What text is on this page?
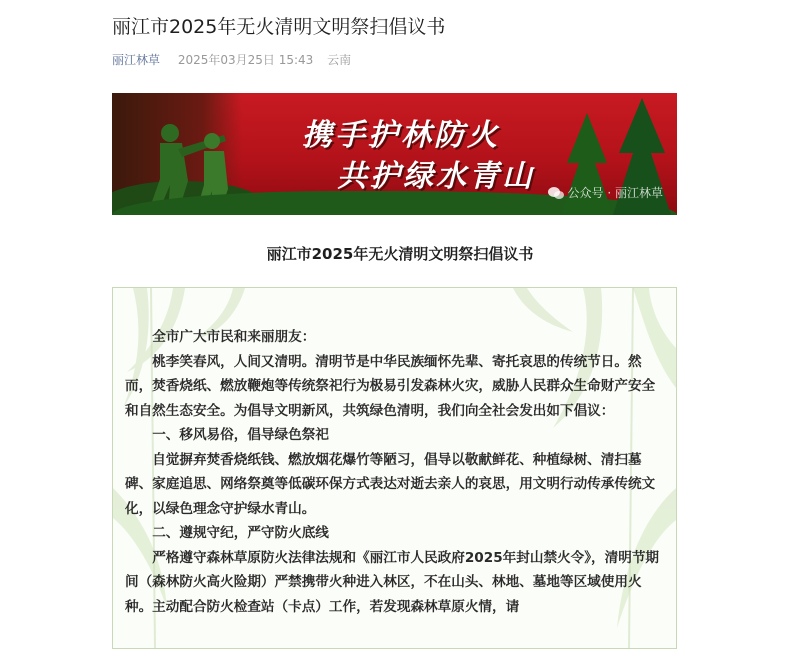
丽江市2025年无火清明文明祭扫倡议书
丽江林草 2025年03月25日 15:43 云南
携手护林防火
共护绿水青山	公众号 · 丽江林草
丽江市2025年无火清明文明祭扫倡议书

全市广大市民和来丽朋友：

桃李笑春风，人间又清明。清明节是中华民族缅怀先辈、寄托哀思的传统节日。然而，焚香烧纸、燃放鞭炮等传统祭祀行为极易引发森林火灾，威胁人民群众生命财产安全和自然生态安全。为倡导文明新风，共筑绿色清明，我们向全社会发出如下倡议：

一、移风易俗，倡导绿色祭祀

自觉摒弃焚香烧纸钱、燃放烟花爆竹等陋习，倡导以敬献鲜花、种植绿树、清扫墓碑、家庭追思、网络祭奠等低碳环保方式表达对逝去亲人的哀思，用文明行动传承传统文化，以绿色理念守护绿水青山。

二、遵规守纪，严守防火底线

严格遵守森林草原防火法律法规和《丽江市人民政府2025年封山禁火令》，清明节期间（森林防火高火险期）严禁携带火种进入林区，不在山头、林地、墓地等区域使用火种。主动配合防火检查站（卡点）工作，若发现森林草原火情，请
